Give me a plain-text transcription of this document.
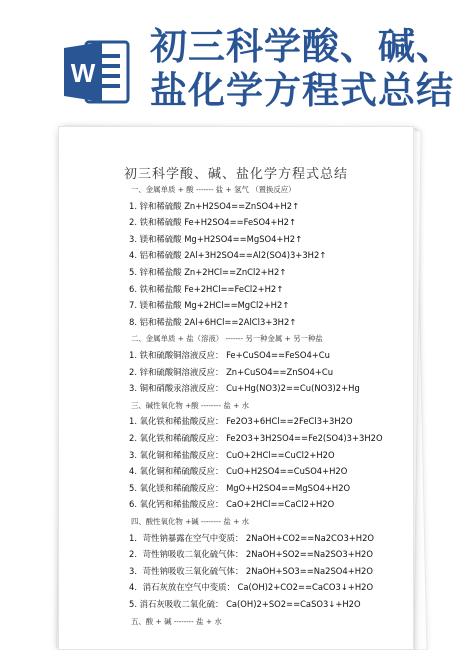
W
初三科学酸、碱、
盐化学方程式总结
初三科学酸、碱、盐化学方程式总结
一、金属单质 + 酸 ------- 盐 + 氢气 （置换反应）
1. 锌和稀硫酸 Zn+H2SO4==ZnSO4+H2↑
2. 铁和稀硫酸 Fe+H2SO4==FeSO4+H2↑
3. 镁和稀硫酸 Mg+H2SO4==MgSO4+H2↑
4. 铝和稀硫酸 2Al+3H2SO4==Al2(SO4)3+3H2↑
5. 锌和稀盐酸 Zn+2HCl==ZnCl2+H2↑
6. 铁和稀盐酸 Fe+2HCl==FeCl2+H2↑
7. 镁和稀盐酸 Mg+2HCl==MgCl2+H2↑
8. 铝和稀盐酸 2Al+6HCl==2AlCl3+3H2↑
二、金属单质 + 盐（溶液） ------- 另一种金属 + 另一种盐
1. 铁和硫酸铜溶液反应： Fe+CuSO4==FeSO4+Cu
2. 锌和硫酸铜溶液反应： Zn+CuSO4==ZnSO4+Cu
3. 铜和硝酸汞溶液反应： Cu+Hg(NO3)2==Cu(NO3)2+Hg
三、碱性氧化物 +酸 -------- 盐 + 水
1. 氧化铁和稀盐酸反应： Fe2O3+6HCl==2FeCl3+3H2O
2. 氧化铁和稀硫酸反应： Fe2O3+3H2SO4==Fe2(SO4)3+3H2O
3. 氧化铜和稀盐酸反应： CuO+2HCl==CuCl2+H2O
4. 氧化铜和稀硫酸反应： CuO+H2SO4==CuSO4+H2O
5. 氧化镁和稀硫酸反应： MgO+H2SO4==MgSO4+H2O
6. 氧化钙和稀盐酸反应： CaO+2HCl==CaCl2+H2O
四、酸性氧化物 +碱 -------- 盐 + 水
1．苛性钠暴露在空气中变质： 2NaOH+CO2==Na2CO3+H2O
2．苛性钠吸收二氧化硫气体： 2NaOH+SO2==Na2SO3+H2O
3．苛性钠吸收三氧化硫气体： 2NaOH+SO3==Na2SO4+H2O
4．消石灰放在空气中变质： Ca(OH)2+CO2==CaCO3↓+H2O
5. 消石灰吸收二氧化硫： Ca(OH)2+SO2==CaSO3↓+H2O
五、酸 + 碱 -------- 盐 + 水
